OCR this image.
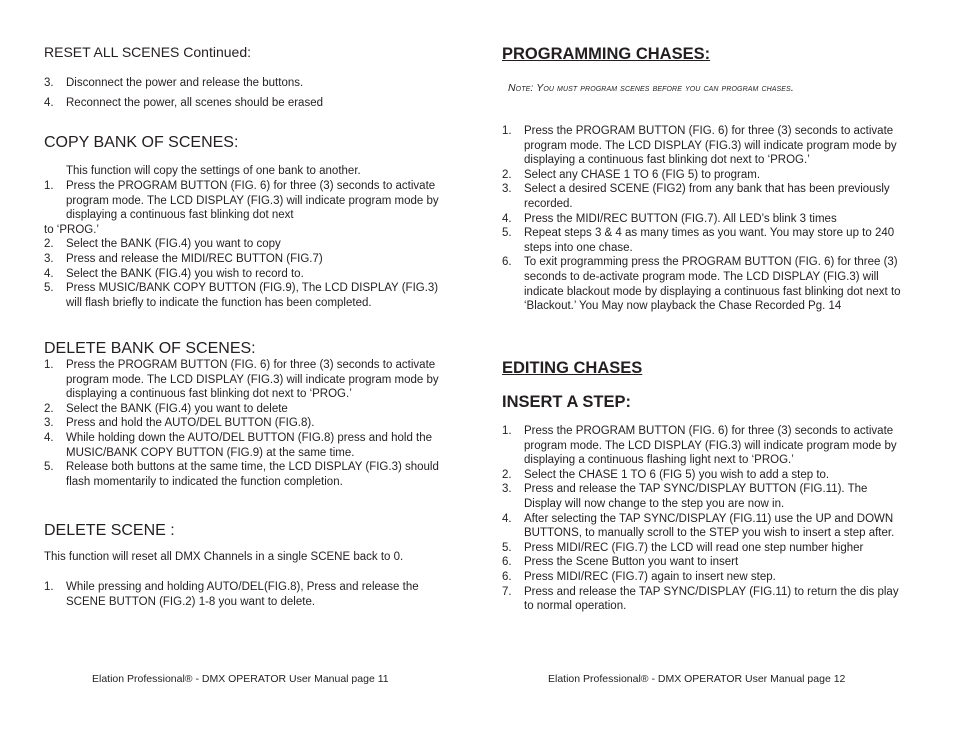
RESET ALL SCENES Continued:
3. Disconnect the power and release the buttons.
4. Reconnect the power, all scenes should be erased
COPY BANK OF SCENES:
This function will copy the settings of one bank to another.
1. Press the PROGRAM BUTTON (FIG. 6) for three (3) seconds to activate program mode. The LCD DISPLAY (FIG.3) will indicate program mode by displaying a continuous fast blinking dot next
to ‘PROG.’
2. Select the BANK (FIG.4) you want to copy
3. Press and release the MIDI/REC BUTTON (FIG.7)
4. Select the BANK (FIG.4) you wish to record to.
5. Press MUSIC/BANK COPY BUTTON (FIG.9), The LCD DISPLAY (FIG.3) will flash briefly to indicate the function has been completed.
DELETE BANK OF SCENES:
1. Press the PROGRAM BUTTON (FIG. 6) for three (3) seconds to activate program mode. The LCD DISPLAY (FIG.3) will indicate program mode by displaying a continuous fast blinking dot next to ‘PROG.’
2. Select the BANK (FIG.4) you want to delete
3. Press and hold the AUTO/DEL BUTTON (FIG.8).
4. While holding down the AUTO/DEL BUTTON (FIG.8) press and hold the MUSIC/BANK COPY BUTTON (FIG.9) at the same time.
5. Release both buttons at the same time, the LCD DISPLAY (FIG.3) should flash momentarily to indicated the function completion.
DELETE SCENE :
This function will reset all DMX Channels in a single SCENE back to 0.
1. While pressing and holding AUTO/DEL(FIG.8), Press and release the SCENE BUTTON (FIG.2) 1-8 you want to delete.
Elation Professional® - DMX OPERATOR User Manual page 11
PROGRAMMING CHASES:
Note: You must program scenes before you can program chases.
1. Press the PROGRAM BUTTON (FIG. 6) for three (3) seconds to activate program mode. The LCD DISPLAY (FIG.3) will indicate program mode by displaying a continuous fast blinking dot next to ‘PROG.’
2. Select any CHASE 1 TO 6 (FIG 5) to program.
3. Select a desired SCENE (FIG2) from any bank that has been previously recorded.
4. Press the MIDI/REC BUTTON (FIG.7). All LED’s blink 3 times
5. Repeat steps 3 & 4 as many times as you want. You may store up to 240 steps into one chase.
6. To exit programming press the PROGRAM BUTTON (FIG. 6) for three (3) seconds to de-activate program mode. The LCD DISPLAY (FIG.3) will indicate blackout mode by displaying a continuous fast blinking dot next to ‘Blackout.’ You May now playback the Chase Recorded Pg. 14
EDITING CHASES
INSERT A STEP:
1. Press the PROGRAM BUTTON (FIG. 6) for three (3) seconds to activate program mode. The LCD DISPLAY (FIG.3) will indicate program mode by displaying a continuous flashing light next to ‘PROG.’
2. Select the CHASE 1 TO 6 (FIG 5) you wish to add a step to.
3. Press and release the TAP SYNC/DISPLAY BUTTON (FIG.11). The Display will now change to the step you are now in.
4. After selecting the TAP SYNC/DISPLAY (FIG.11) use the UP and DOWN BUTTONS, to manually scroll to the STEP you wish to insert a step after.
5. Press MIDI/REC (FIG.7) the LCD will read one step number higher
6. Press the Scene Button you want to insert
6. Press MIDI/REC (FIG.7) again to insert new step.
7. Press and release the TAP SYNC/DISPLAY (FIG.11) to return the dis play to normal operation.
Elation Professional® - DMX OPERATOR User Manual page 12
